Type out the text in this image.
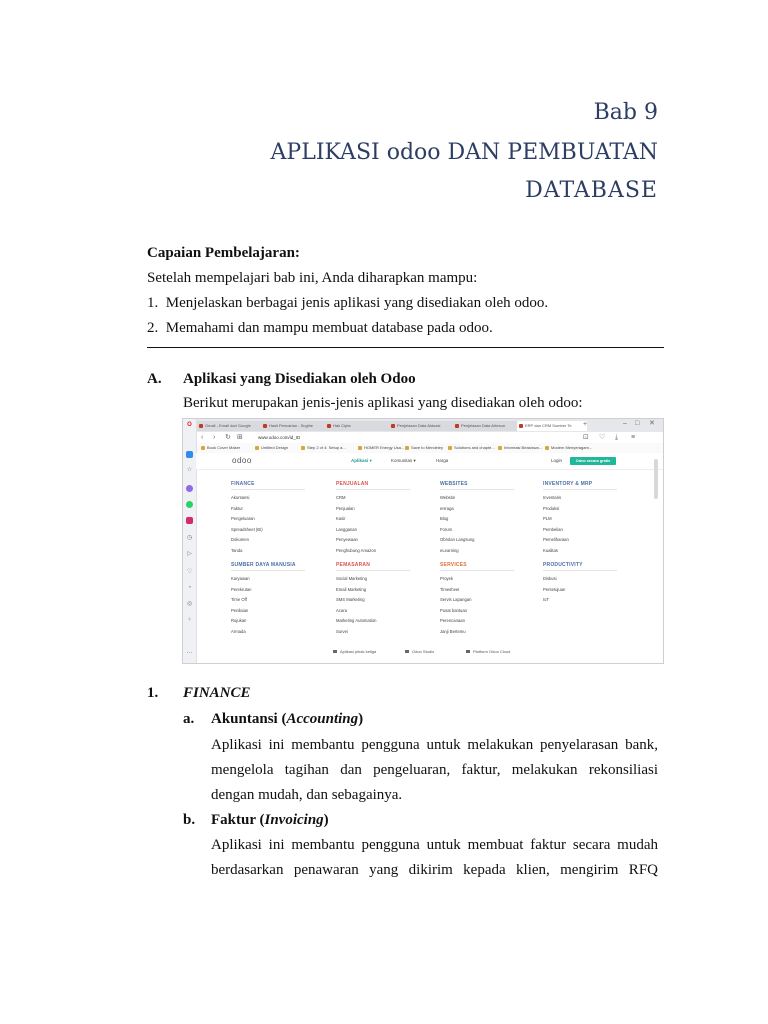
Bab 9
APLIKASI odoo DAN PEMBUATAN
DATABASE
Capaian Pembelajaran:
Setelah mempelajari bab ini, Anda diharapkan mampu:
1. Menjelaskan berbagai jenis aplikasi yang disediakan oleh odoo.
2. Memahami dan mampu membuat database pada odoo.
A. Aplikasi yang Disediakan oleh Odoo
Berikut merupakan jenis-jenis aplikasi yang disediakan oleh odoo:
Gmail - Email dari Google	Hasil Pencarian - Sugihe	Hak Cipta	Penjelasan Data Aktuasi	Penjelasan Data Artesun	ERP dan CRM Sumber Te	+	– □ ✕
‹ › ↻ ⊞	www.odoo.com/id_ID	⊡ ♡ ⤓ ≡
Book Cover Maker	Untitled Design	Step 2 of 4: Setup a...	HOMER Energy Usa...	Save to Mendeley	Solutions and chapte...	Informasi Beasiswa...	Modem Menyeragam...
O
☆
◷
▷
♡
◔
◎
♀
…
odoo	Aplikasi ▾	Komunitas ▾	Harga	Login	Odoo secara gratis
FINANCE
Akuntansi
Faktur
Pengeluaran
Spreadsheet (BI)
Dokumen
Tanda
PENJUALAN
CRM
Penjualan
Kasir
Langganan
Penyewaan
Penghubung Amazon
WEBSITES
Website
eHraga
Blog
Forum
Obrolan Langsung
eLearning
INVENTORY & MRP
Inventaris
Produksi
PLM
Pembelian
Pemeliharaan
Kualitas
SUMBER DAYA MANUSIA
Karyawan
Perekrutan
Time Off
Penilaian
Rujukan
Armada
PEMASARAN
Social Marketing
Email Marketing
SMS Marketing
Acara
Marketing Automation
Survei
SERVICES
Proyek
Timesheet
Servis Lapangan
Pusat bantuan
Perencanaan
Janji Bertemu
PRODUCTIVITY
Diskusi
Persetujuan
IoT
Aplikasi pihak ketiga	Odoo Studio	Platform Odoo Cloud
1. FINANCE
a. Akuntansi (Accounting)
Aplikasi ini membantu pengguna untuk melakukan penyelarasan bank,
mengelola tagihan dan pengeluaran, faktur, melakukan rekonsiliasi
dengan mudah, dan sebagainya.
b. Faktur (Invoicing)
Aplikasi ini membantu pengguna untuk membuat faktur secara mudah
berdasarkan penawaran yang dikirim kepada klien, mengirim RFQ
